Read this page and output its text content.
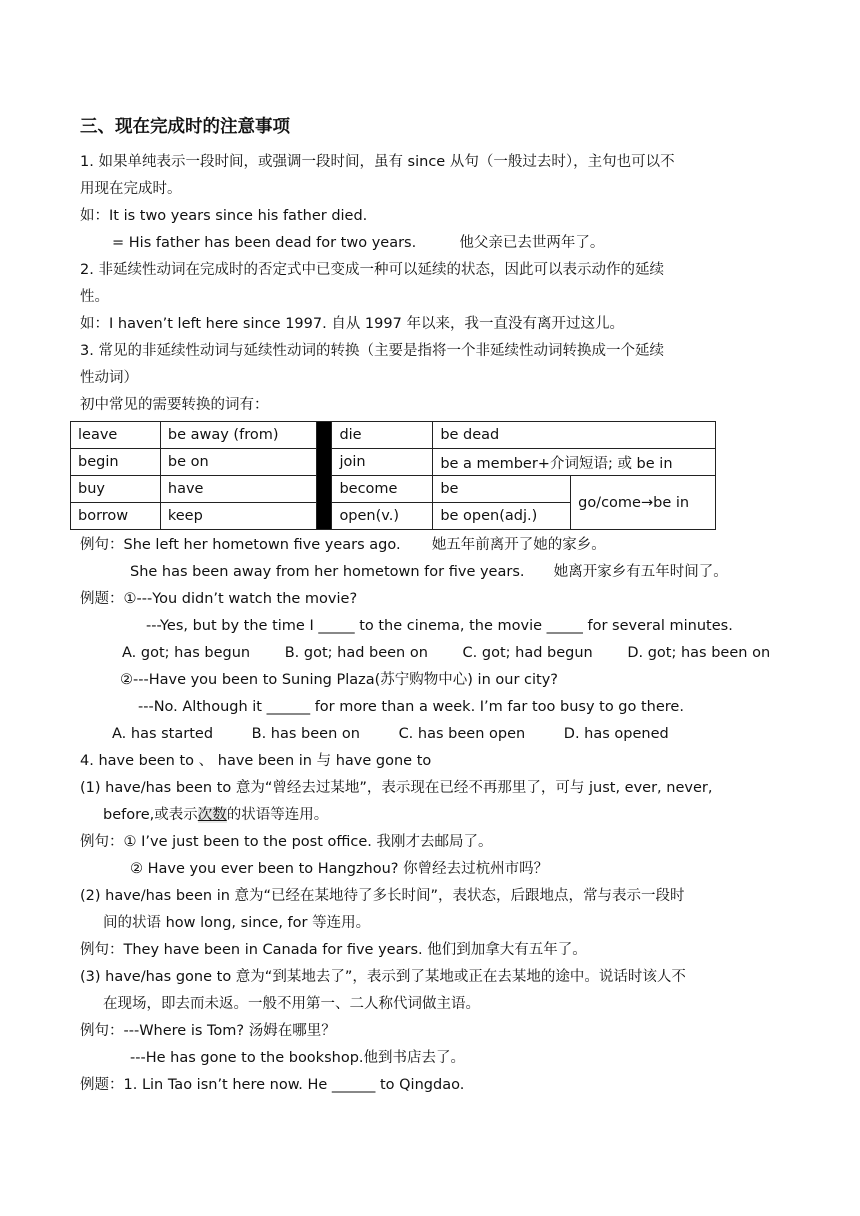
三、现在完成时的注意事项
1. 如果单纯表示一段时间，或强调一段时间，虽有 since 从句（一般过去时），主句也可以不
用现在完成时。
如：It is two years since his father died.
= His father has been dead for two years.	他父亲已去世两年了。
2. 非延续性动词在完成时的否定式中已变成一种可以延续的状态，因此可以表示动作的延续
性。
如：I haven’t left here since 1997. 自从 1997 年以来，我一直没有离开过这儿。
3. 常见的非延续性动词与延续性动词的转换（主要是指将一个非延续性动词转换成一个延续
性动词）
初中常见的需要转换的词有：
leave	be away (from)		die	be dead	
begin	be on		join	be a member+介词短语; 或 be in	
buy	have		become	be	go/come→be in
borrow	keep		open(v.)	be open(adj.)	
例句：She left her hometown five years ago. 她五年前离开了她的家乡。
She has been away from her hometown for five years. 她离开家乡有五年时间了。
例题：①---You didn’t watch the movie?
---Yes, but by the time I _____ to the cinema, the movie _____ for several minutes.
A. got; has begun B. got; had been on C. got; had begun D. got; has been on
②---Have you been to Suning Plaza(苏宁购物中心) in our city?
---No. Although it ______ for more than a week. I’m far too busy to go there.
A. has started	B. has been on	C. has been open	D. has opened
4. have been to 、 have been in 与 have gone to
(1) have/has been to 意为“曾经去过某地”，表示现在已经不再那里了，可与 just, ever, never,
before,或表示次数的状语等连用。
例句：① I’ve just been to the post office. 我刚才去邮局了。
② Have you ever been to Hangzhou? 你曾经去过杭州市吗？
(2) have/has been in 意为“已经在某地待了多长时间”，表状态，后跟地点，常与表示一段时
间的状语 how long, since, for 等连用。
例句：They have been in Canada for five years. 他们到加拿大有五年了。
(3) have/has gone to 意为“到某地去了”，表示到了某地或正在去某地的途中。说话时该人不
在现场，即去而未返。一般不用第一、二人称代词做主语。
例句：---Where is Tom? 汤姆在哪里？
---He has gone to the bookshop.他到书店去了。
例题：1. Lin Tao isn’t here now. He ______ to Qingdao.
